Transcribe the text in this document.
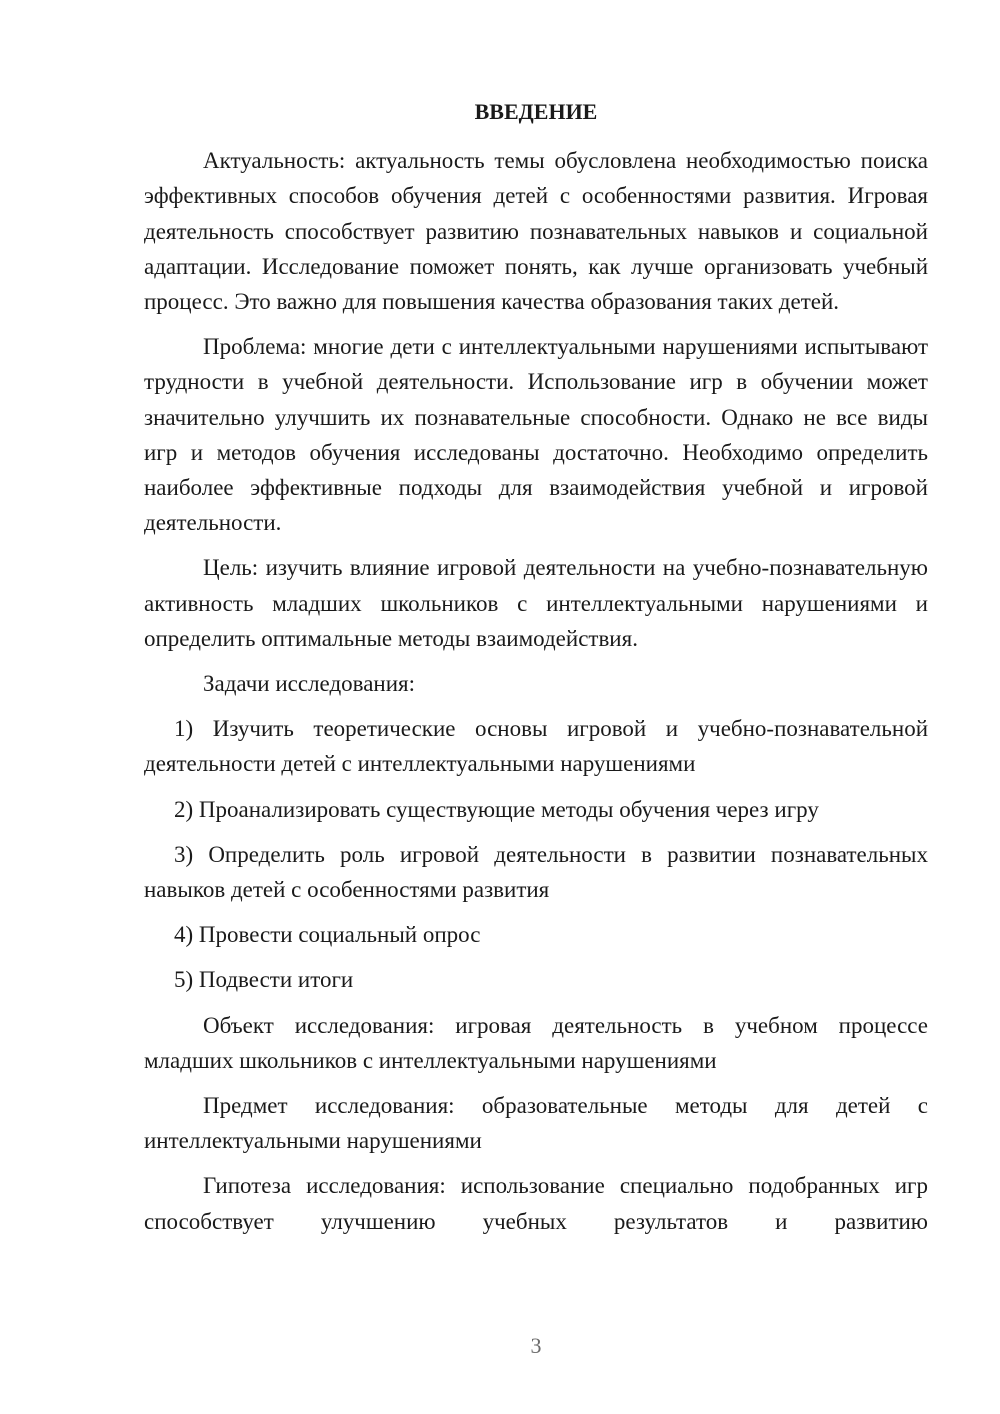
ВВЕДЕНИЕ

Актуальность: актуальность темы обусловлена необходимостью поиска эффективных способов обучения детей с особенностями развития. Игровая деятельность способствует развитию познавательных навыков и социальной адаптации. Исследование поможет понять, как лучше организовать учебный процесс. Это важно для повышения качества образования таких детей.

Проблема: многие дети с интеллектуальными нарушениями испытывают трудности в учебной деятельности. Использование игр в обучении может значительно улучшить их познавательные способности. Однако не все виды игр и методов обучения исследованы достаточно. Необходимо определить наиболее эффективные подходы для взаимодействия учебной и игровой деятельности.

Цель: изучить влияние игровой деятельности на учебно-познавательную активность младших школьников с интеллектуальными нарушениями и определить оптимальные методы взаимодействия.

Задачи исследования:

1) Изучить теоретические основы игровой и учебно-познавательной деятельности детей с интеллектуальными нарушениями

2) Проанализировать существующие методы обучения через игру

3) Определить роль игровой деятельности в развитии познавательных навыков детей с особенностями развития

4) Провести социальный опрос

5) Подвести итоги

Объект исследования: игровая деятельность в учебном процессе младших школьников с интеллектуальными нарушениями

Предмет исследования: образовательные методы для детей с интеллектуальными нарушениями

Гипотеза исследования: использование специально подобранных игр способствует улучшению учебных результатов и развитию

3
